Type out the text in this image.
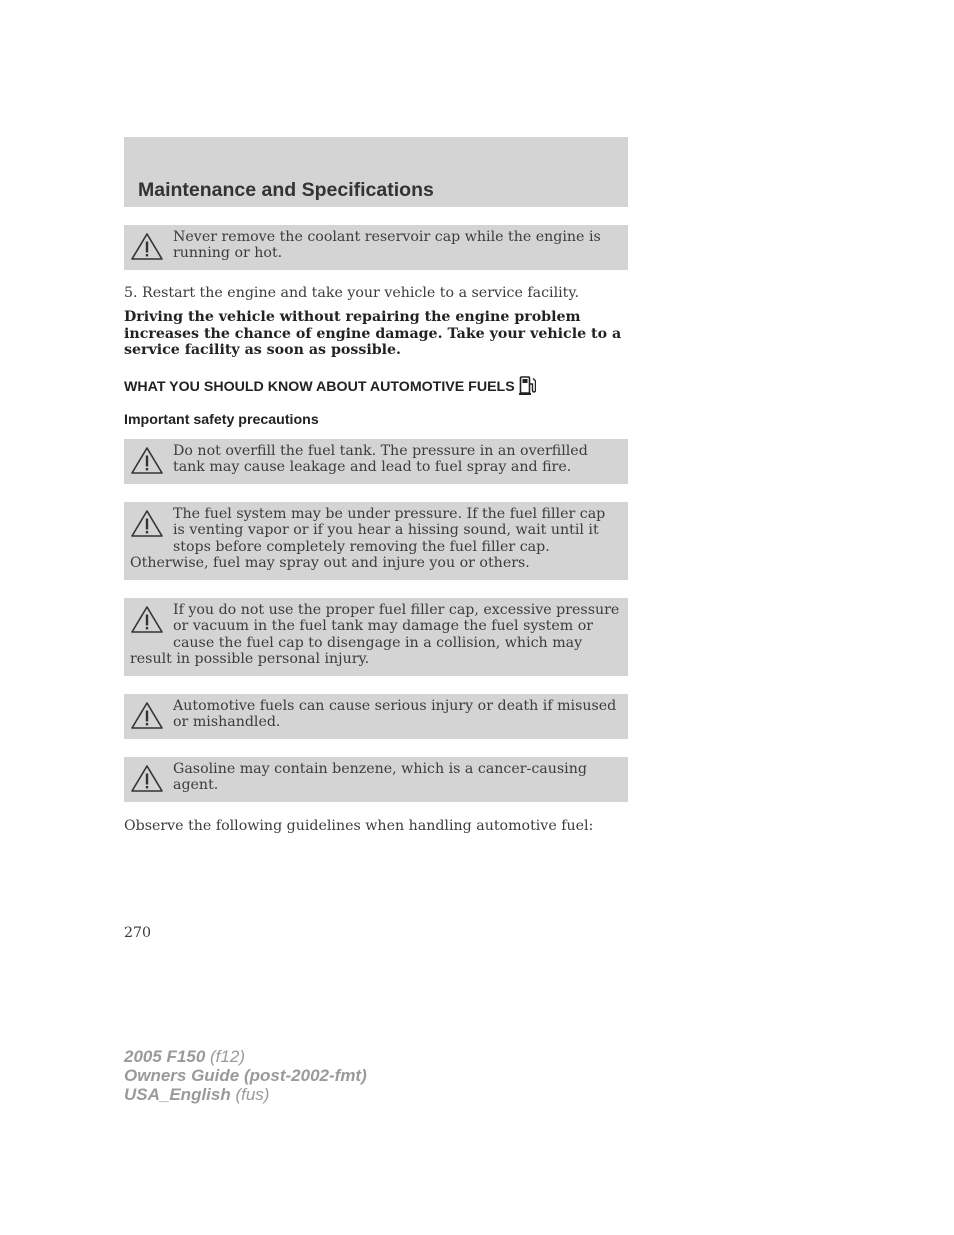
Maintenance and Specifications
Never remove the coolant reservoir cap while the engine is running or hot.
5. Restart the engine and take your vehicle to a service facility.
Driving the vehicle without repairing the engine problem increases the chance of engine damage. Take your vehicle to a service facility as soon as possible.
WHAT YOU SHOULD KNOW ABOUT AUTOMOTIVE FUELS
Important safety precautions
Do not overfill the fuel tank. The pressure in an overfilled tank may cause leakage and lead to fuel spray and fire.
The fuel system may be under pressure. If the fuel filler cap is venting vapor or if you hear a hissing sound, wait until it stops before completely removing the fuel filler cap. Otherwise, fuel may spray out and injure you or others.
If you do not use the proper fuel filler cap, excessive pressure or vacuum in the fuel tank may damage the fuel system or cause the fuel cap to disengage in a collision, which may result in possible personal injury.
Automotive fuels can cause serious injury or death if misused or mishandled.
Gasoline may contain benzene, which is a cancer-causing agent.
Observe the following guidelines when handling automotive fuel:
270
2005 F150 (f12)
Owners Guide (post-2002-fmt)
USA_English (fus)
